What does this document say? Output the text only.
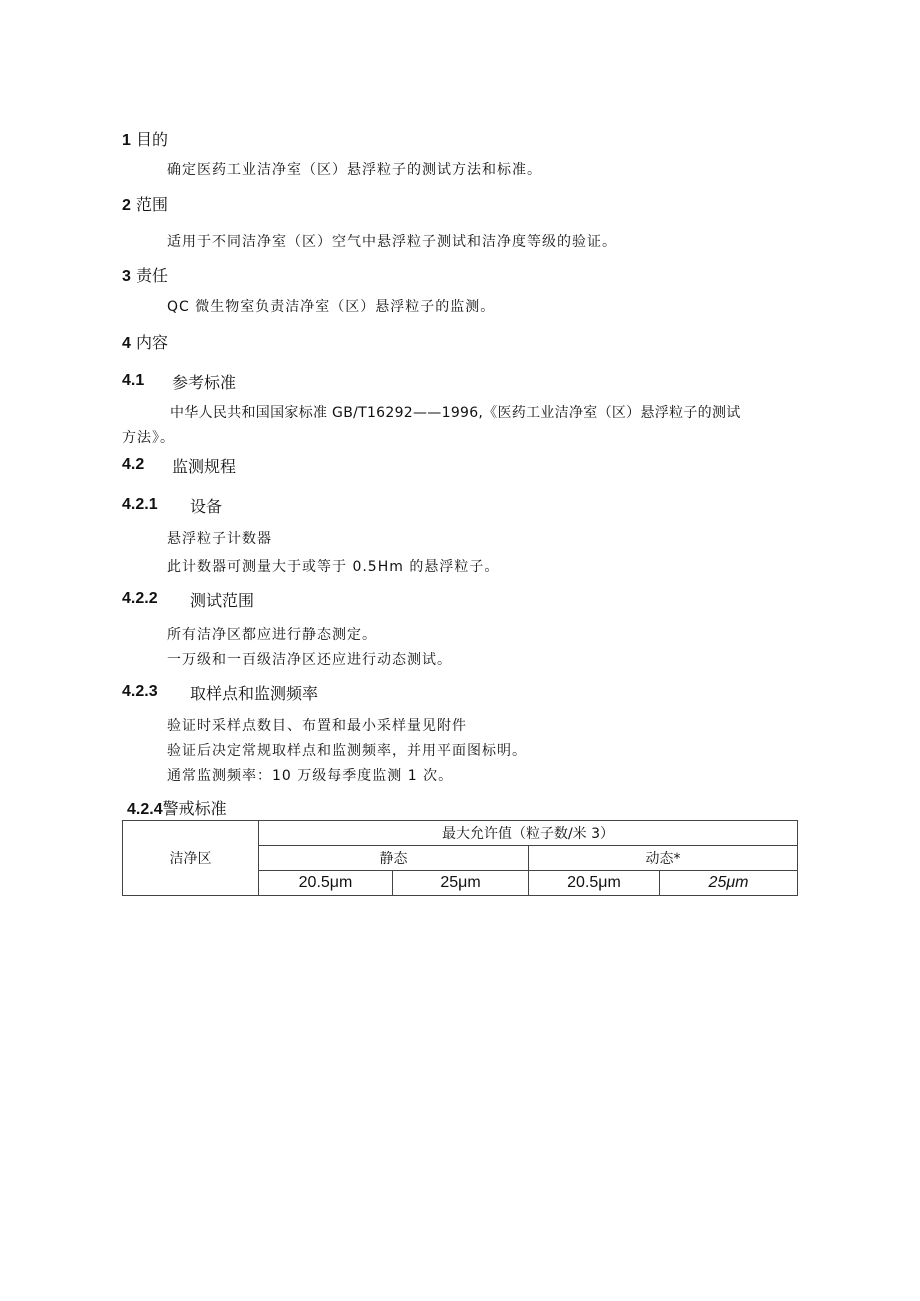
1 目的
确定医药工业洁净室（区）悬浮粒子的测试方法和标准。
2 范围
适用于不同洁净室（区）空气中悬浮粒子测试和洁净度等级的验证。
3 责任
QC 微生物室负责洁净室（区）悬浮粒子的监测。
4 内容
4.1 参考标准
中华人民共和国国家标准 GB/T16292——1996,《医药工业洁净室（区）悬浮粒子的测试
方法》。
4.2 监测规程
4.2.1 设备
悬浮粒子计数器
此计数器可测量大于或等于 0.5Hm 的悬浮粒子。
4.2.2 测试范围
所有洁净区都应进行静态测定。
一万级和一百级洁净区还应进行动态测试。
4.2.3 取样点和监测频率
验证时采样点数目、布置和最小采样量见附件
验证后决定常规取样点和监测频率，并用平面图标明。
通常监测频率：10 万级每季度监测 1 次。
4.2.4警戒标准
洁净区	最大允许值（粒子数/米 3）			
	静态		动态*	
	20.5μm	25μm	20.5μm	25μm
